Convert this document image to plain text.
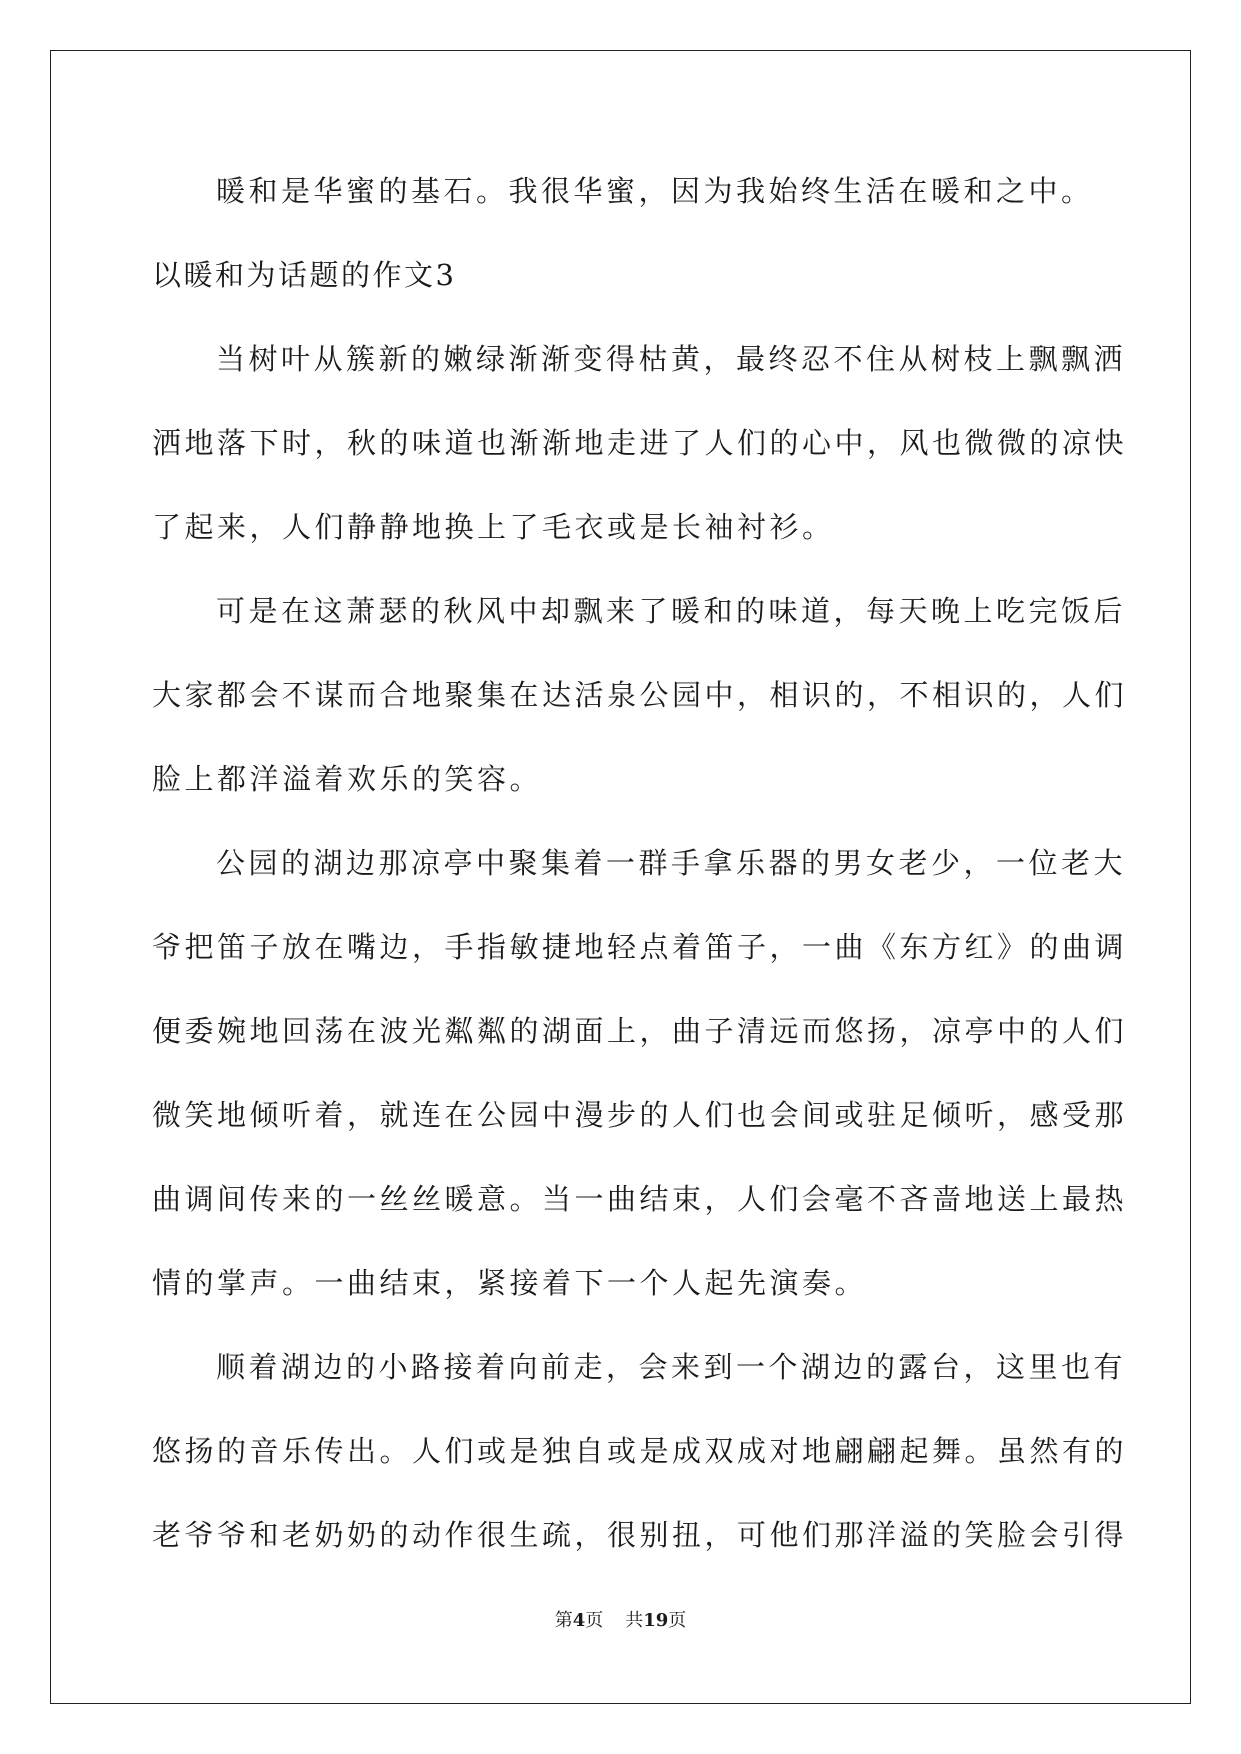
暖和是华蜜的基石。我很华蜜，因为我始终生活在暖和之中。
以暖和为话题的作文3
当树叶从簇新的嫩绿渐渐变得枯黄，最终忍不住从树枝上飘飘洒
洒地落下时，秋的味道也渐渐地走进了人们的心中，风也微微的凉快
了起来，人们静静地换上了毛衣或是长袖衬衫。
可是在这萧瑟的秋风中却飘来了暖和的味道，每天晚上吃完饭后
大家都会不谋而合地聚集在达活泉公园中，相识的，不相识的，人们
脸上都洋溢着欢乐的笑容。
公园的湖边那凉亭中聚集着一群手拿乐器的男女老少，一位老大
爷把笛子放在嘴边，手指敏捷地轻点着笛子，一曲《东方红》的曲调
便委婉地回荡在波光粼粼的湖面上，曲子清远而悠扬，凉亭中的人们
微笑地倾听着，就连在公园中漫步的人们也会间或驻足倾听，感受那
曲调间传来的一丝丝暖意。当一曲结束，人们会毫不吝啬地送上最热
情的掌声。一曲结束，紧接着下一个人起先演奏。
顺着湖边的小路接着向前走，会来到一个湖边的露台，这里也有
悠扬的音乐传出。人们或是独自或是成双成对地翩翩起舞。虽然有的
老爷爷和老奶奶的动作很生疏，很别扭，可他们那洋溢的笑脸会引得
第4页 共19页
